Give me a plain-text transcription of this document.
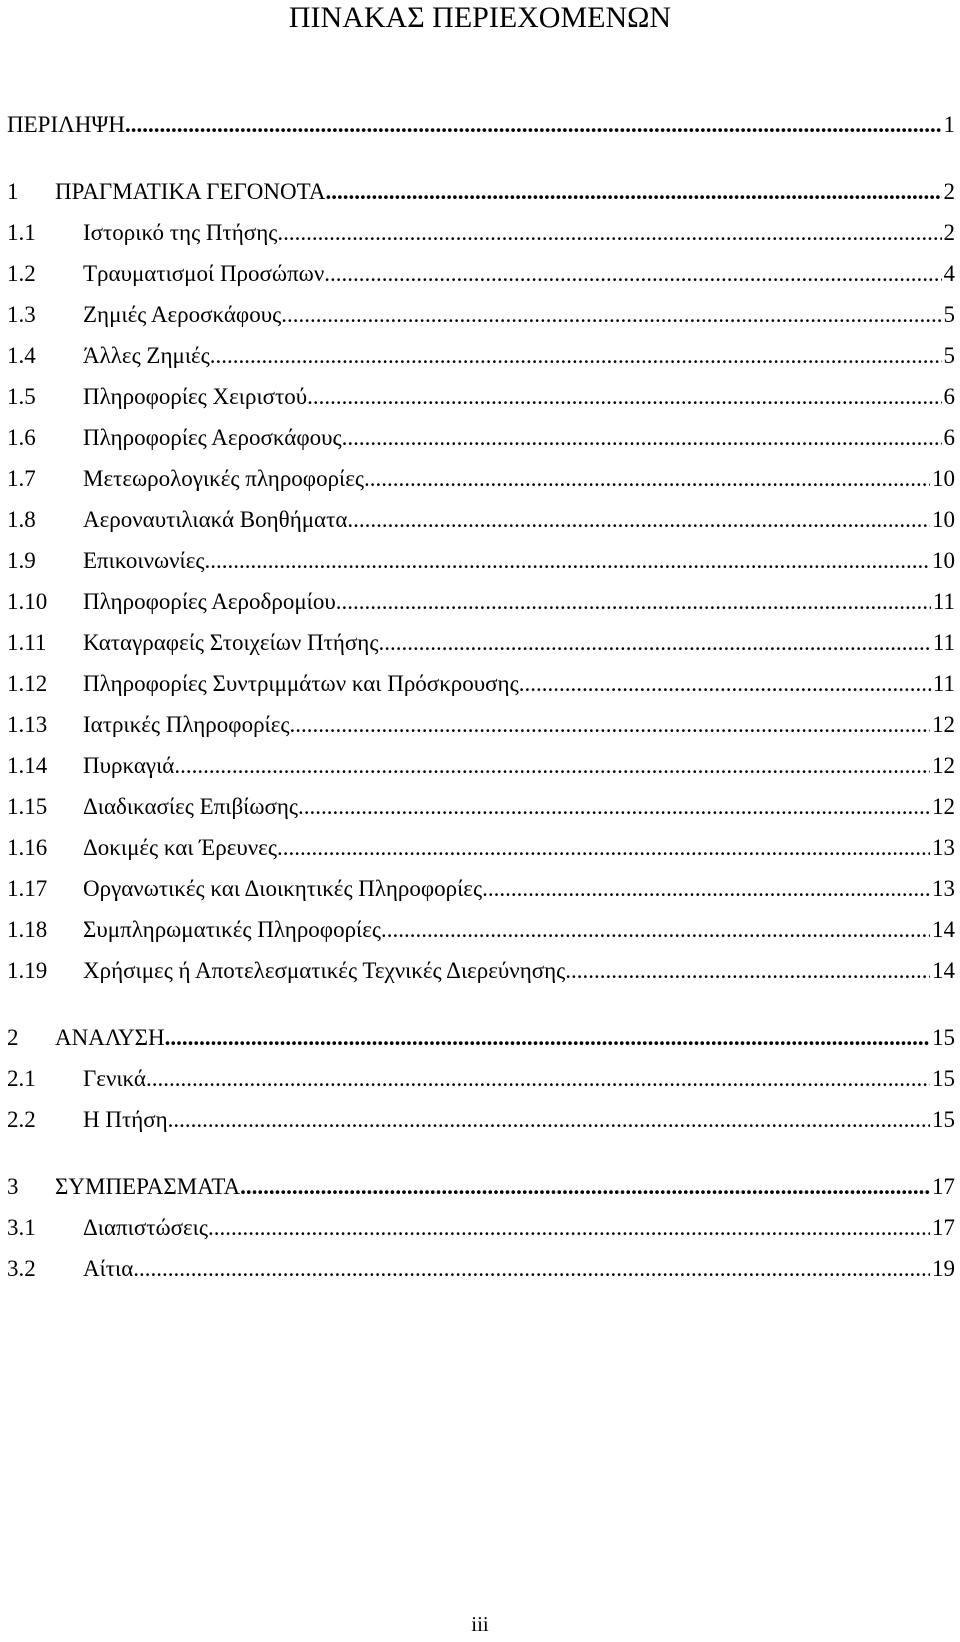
ΠΙΝΑΚΑΣ ΠΕΡΙΕΧΟΜΕΝΩΝ
ΠΕΡΙΛΗΨΗ .....	1
1	ΠΡΑΓΜΑΤΙΚΑ ΓΕΓΟΝΟΤΑ .....	2
1.1	Ιστορικό της Πτήσης .....	2
1.2	Τραυματισμοί Προσώπων .....	4
1.3	Ζημιές Αεροσκάφους .....	5
1.4	Άλλες Ζημιές .....	5
1.5	Πληροφορίες Χειριστού .....	6
1.6	Πληροφορίες Αεροσκάφους .....	6
1.7	Μετεωρολογικές πληροφορίες .....	10
1.8	Αεροναυτιλιακά Βοηθήματα .....	10
1.9	Επικοινωνίες .....	10
1.10	Πληροφορίες Αεροδρομίου .....	11
1.11	Καταγραφείς Στοιχείων Πτήσης .....	11
1.12	Πληροφορίες Συντριμμάτων και Πρόσκρουσης .....	11
1.13	Ιατρικές Πληροφορίες .....	12
1.14	Πυρκαγιά .....	12
1.15	Διαδικασίες Επιβίωσης .....	12
1.16	Δοκιμές και Έρευνες .....	13
1.17	Οργανωτικές και Διοικητικές Πληροφορίες .....	13
1.18	Συμπληρωματικές Πληροφορίες .....	14
1.19	Χρήσιμες ή Αποτελεσματικές Τεχνικές Διερεύνησης .....	14
2	ΑΝΑΛΥΣΗ .....	15
2.1	Γενικά .....	15
2.2	Η Πτήση .....	15
3	ΣΥΜΠΕΡΑΣΜΑΤΑ .....	17
3.1	Διαπιστώσεις .....	17
3.2	Αίτια .....	19
iii
